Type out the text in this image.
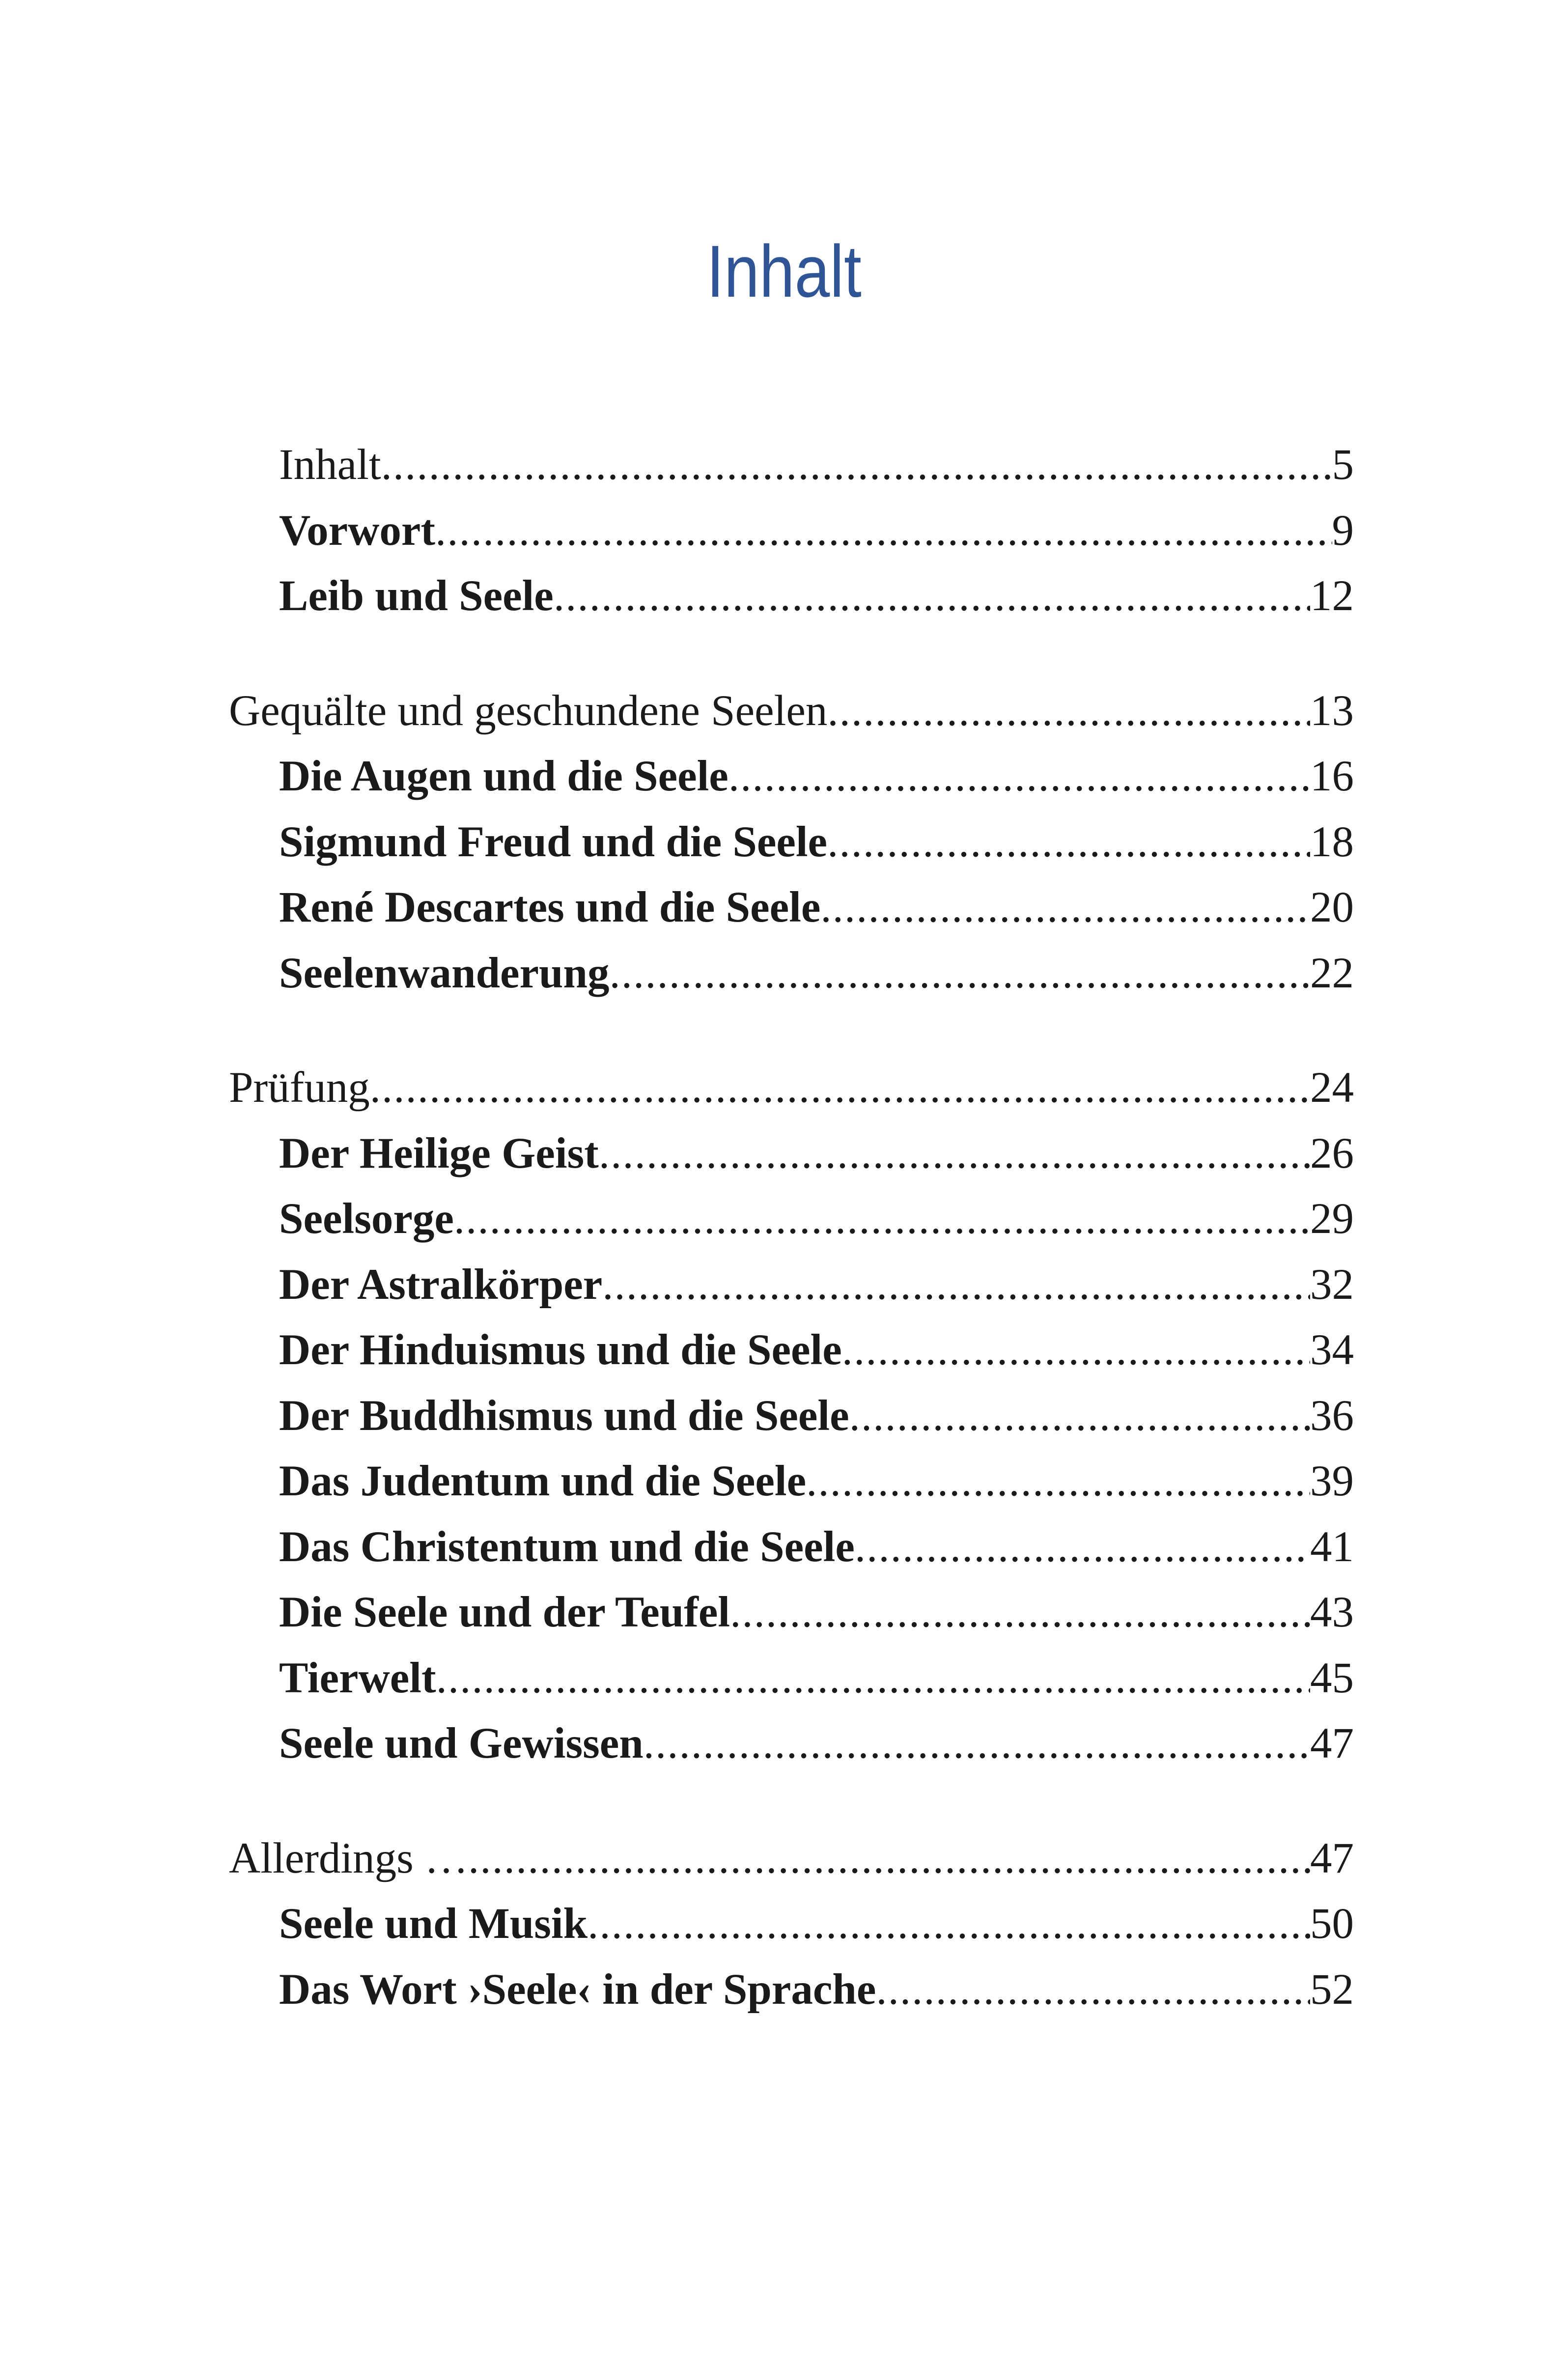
Inhalt
Inhalt .....	5
Vorwort .....	9
Leib und Seele .....	12
Gequälte und geschundene Seelen .....	13
Die Augen und die Seele .....	16
Sigmund Freud und die Seele .....	18
René Descartes und die Seele .....	20
Seelenwanderung .....	22
Prüfung .....	24
Der Heilige Geist .....	26
Seelsorge .....	29
Der Astralkörper .....	32
Der Hinduismus und die Seele .....	34
Der Buddhismus und die Seele .....	36
Das Judentum und die Seele .....	39
Das Christentum und die Seele .....	41
Die Seele und der Teufel .....	43
Tierwelt .....	45
Seele und Gewissen .....	47
Allerdings … .....	47
Seele und Musik .....	50
Das Wort ›Seele‹ in der Sprache .....	52
